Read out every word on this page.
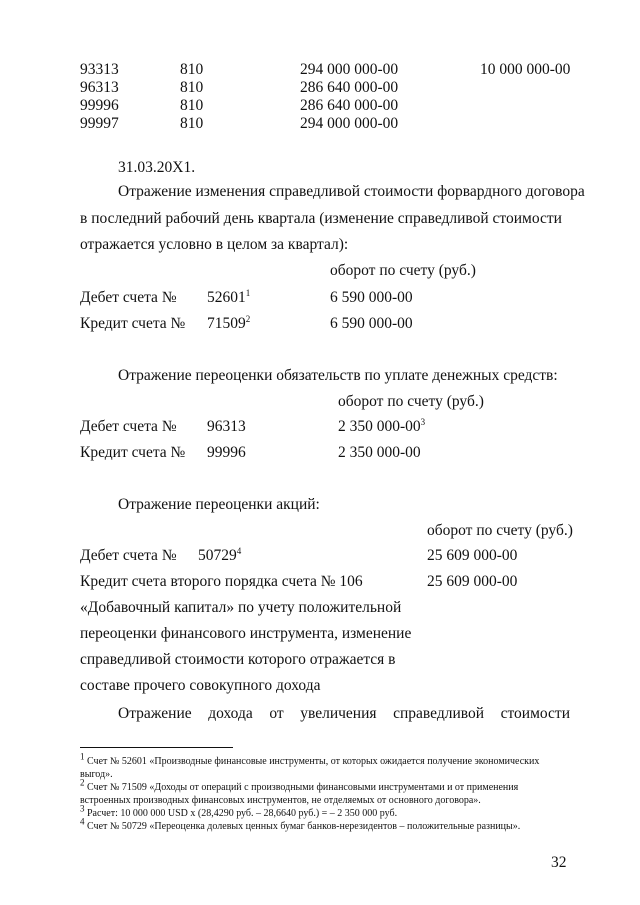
93313	810	294 000 000-00	10 000 000-00
96313	810	286 640 000-00
99996	810	286 640 000-00
99997	810	294 000 000-00
31.03.20X1.
Отражение изменения справедливой стоимости форвардного договора
в последний рабочий день квартала (изменение справедливой стоимости
отражается условно в целом за квартал):
оборот по счету (руб.)
Дебет счета № 52601$^1$	6 590 000-00
Кредит счета № 71509$^2$	6 590 000-00
Отражение переоценки обязательств по уплате денежных средств:
оборот по счету (руб.)
Дебет счета № 96313	2 350 $000-00^3$
Кредит счета № 99996	2 350 000-00
Отражение переоценки акций:
оборот по счету (руб.)
Дебет счета № 50729$^4$	25 609 000-00
Кредит счета второго порядка счета № 106	25 609 000-00
«Добавочный капитал» по учету положительной
переоценки финансового инструмента, изменение
справедливой стоимости которого отражается в
составе прочего совокупного дохода
Отражение дохода от увеличения справедливой стоимости
$^1$ Счет № 52601 «Производные финансовые инструменты, от которых ожидается получение экономических
выгод».
$^2$ Счет № 71509 «Доходы от операций с производными финансовыми инструментами и от применения
встроенных производных финансовых инструментов, не отделяемых от основного договора».
$^3$ Расчет: 10 000 000 USD x (28,4290 руб. – 28,6640 руб.) = – 2 350 000 руб.
$^4$ Счет № 50729 «Переоценка долевых ценных бумаг банков-нерезидентов – положительные разницы».
32
